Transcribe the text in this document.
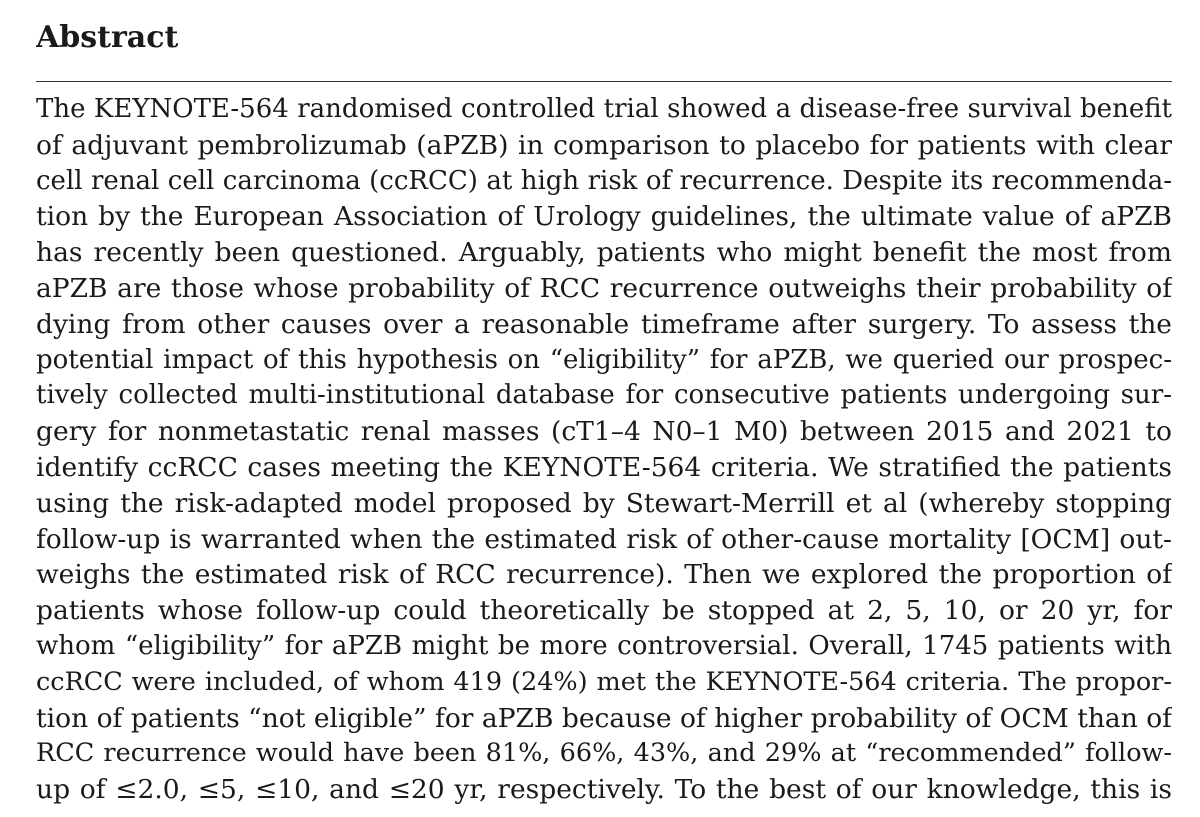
Abstract

The KEYNOTE-564 randomised controlled trial showed a disease-free survival benefit
of adjuvant pembrolizumab (aPZB) in comparison to placebo for patients with clear
cell renal cell carcinoma (ccRCC) at high risk of recurrence. Despite its recommenda-
tion by the European Association of Urology guidelines, the ultimate value of aPZB
has recently been questioned. Arguably, patients who might benefit the most from
aPZB are those whose probability of RCC recurrence outweighs their probability of
dying from other causes over a reasonable timeframe after surgery. To assess the
potential impact of this hypothesis on “eligibility” for aPZB, we queried our prospec-
tively collected multi-institutional database for consecutive patients undergoing sur-
gery for nonmetastatic renal masses (cT1–4 N0–1 M0) between 2015 and 2021 to
identify ccRCC cases meeting the KEYNOTE-564 criteria. We stratified the patients
using the risk-adapted model proposed by Stewart-Merrill et al (whereby stopping
follow-up is warranted when the estimated risk of other-cause mortality [OCM] out-
weighs the estimated risk of RCC recurrence). Then we explored the proportion of
patients whose follow-up could theoretically be stopped at 2, 5, 10, or 20 yr, for
whom “eligibility” for aPZB might be more controversial. Overall, 1745 patients with
ccRCC were included, of whom 419 (24%) met the KEYNOTE-564 criteria. The propor-
tion of patients “not eligible” for aPZB because of higher probability of OCM than of
RCC recurrence would have been 81%, 66%, 43%, and 29% at “recommended” follow-
up of ≤2.0, ≤5, ≤10, and ≤20 yr, respectively. To the best of our knowledge, this is
